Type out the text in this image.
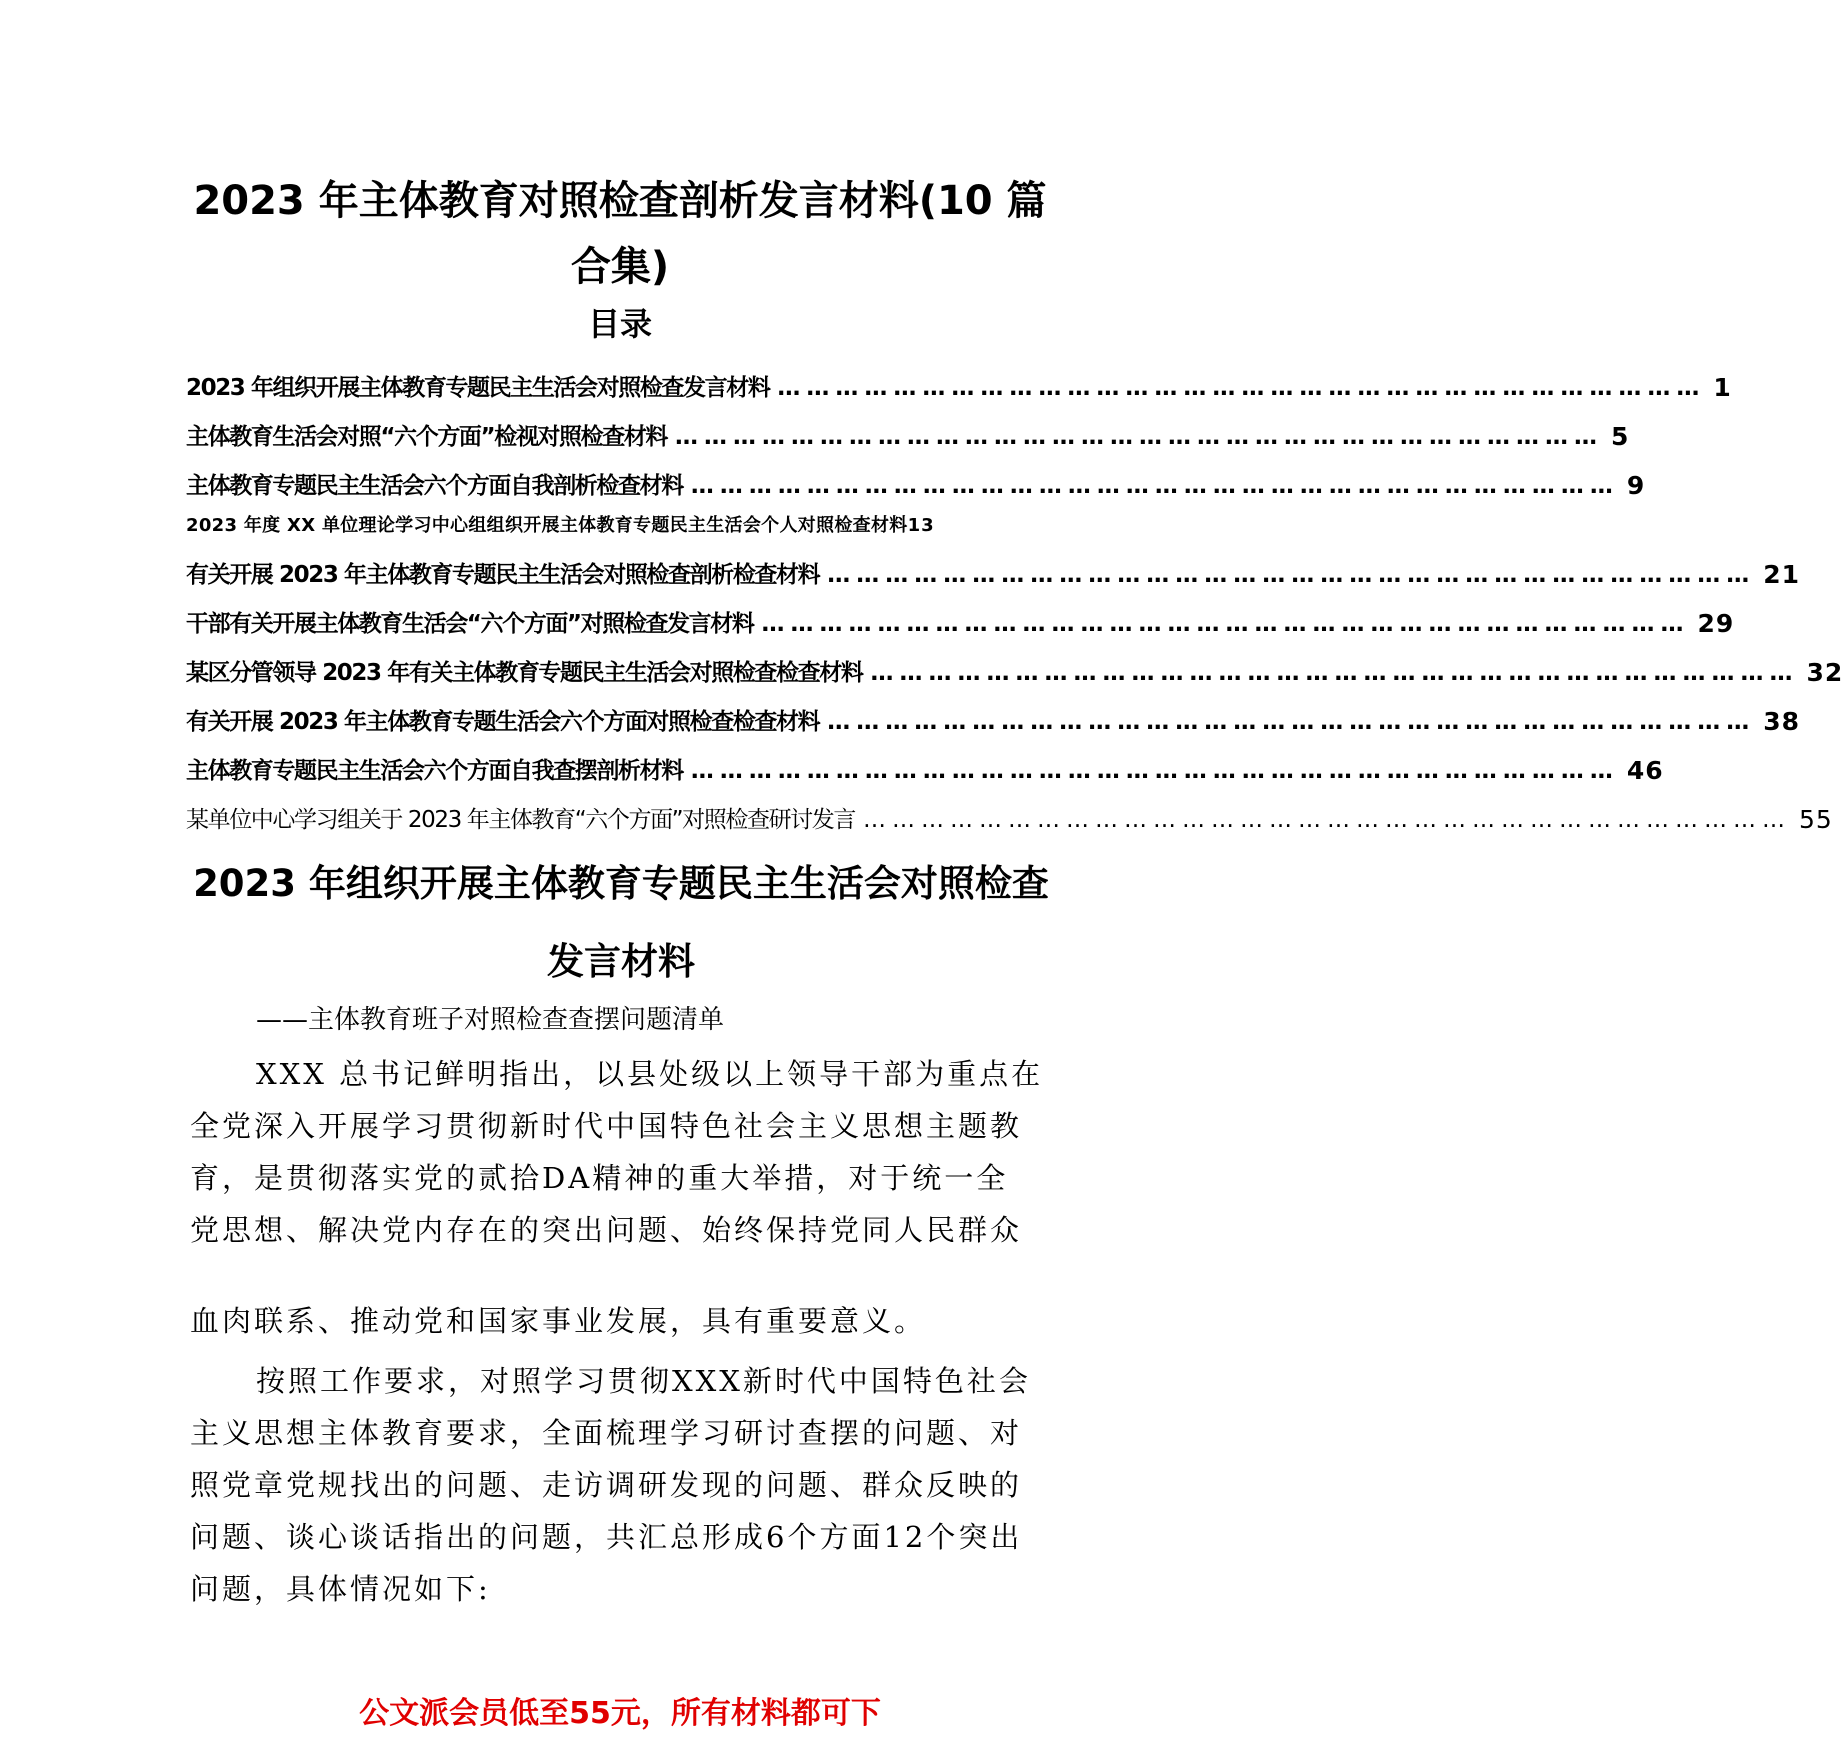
2023 年主体教育对照检查剖析发言材料(10 篇合集)
目录
2023 年组织开展主体教育专题民主生活会对照检查发言材料 …………………………………………………………………………………… 1
主体教育生活会对照“六个方面”检视对照检查材料 …………………………………………………………………………………… 5
主体教育专题民主生活会六个方面自我剖析检查材料 …………………………………………………………………………………… 9
2023 年度 XX 单位理论学习中心组组织开展主体教育专题民主生活会个人对照检查材料 13
有关开展 2023 年主体教育专题民主生活会对照检查剖析检查材料 …………………………………………………………………………………… 21
干部有关开展主体教育生活会“六个方面”对照检查发言材料 …………………………………………………………………………………… 29
某区分管领导 2023 年有关主体教育专题民主生活会对照检查检查材料 …………………………………………………………………………………… 32
有关开展 2023 年主体教育专题生活会六个方面对照检查检查材料 …………………………………………………………………………………… 38
主体教育专题民主生活会六个方面自我查摆剖析材料 …………………………………………………………………………………… 46
某单位中心学习组关于 2023 年主体教育“六个方面”对照检查研讨发言 …………………………………………………………………………………… 55
2023 年组织开展主体教育专题民主生活会对照检查发言材料

——主体教育班子对照检查查摆问题清单

XXX 总书记鲜明指出，以县处级以上领导干部为重点在全党深入开展学习贯彻新时代中国特色社会主义思想主题教育，是贯彻落实党的贰拾DA精神的重大举措，对于统一全 党思想、解决党内存在的突出问题、始终保持党同人民群众

血肉联系、推动党和国家事业发展，具有重要意义。

按照工作要求，对照学习贯彻XXX新时代中国特色社会主义思想主体教育要求，全面梳理学习研讨查摆的问题、对照党章党规找出的问题、走访调研发现的问题、群众反映的问题、谈心谈话指出的问题，共汇总形成6个方面12个突出问题，具体情况如下:

公文派会员低至55元，所有材料都可下
